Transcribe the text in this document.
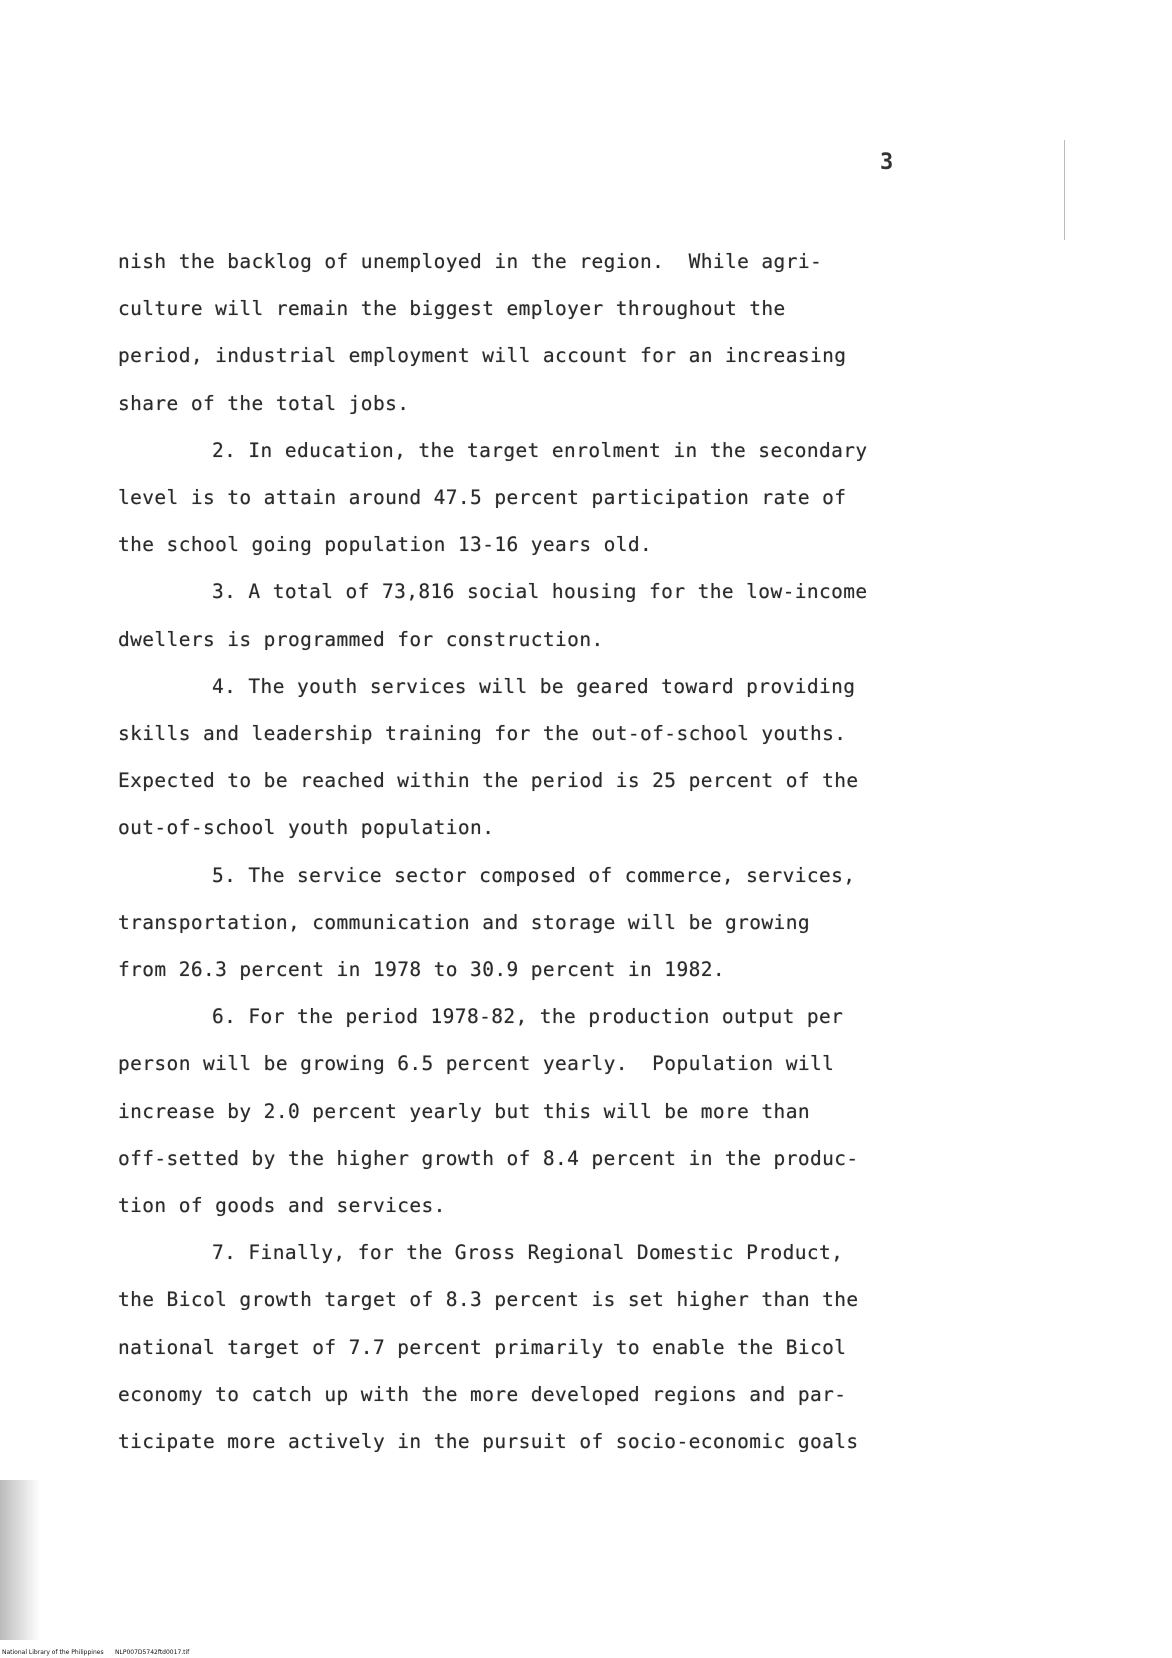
3
nish the backlog of unemployed in the region.  While agri-
culture will remain the biggest employer throughout the
period, industrial employment will account for an increasing
share of the total jobs.
2. In education, the target enrolment in the secondary
level is to attain around 47.5 percent participation rate of
the school going population 13-16 years old.
3. A total of 73,816 social housing for the low-income
dwellers is programmed for construction.
4. The youth services will be geared toward providing
skills and leadership training for the out-of-school youths.
Expected to be reached within the period is 25 percent of the
out-of-school youth population.
5. The service sector composed of commerce, services,
transportation, communication and storage will be growing
from 26.3 percent in 1978 to 30.9 percent in 1982.
6. For the period 1978-82, the production output per
person will be growing 6.5 percent yearly.  Population will
increase by 2.0 percent yearly but this will be more than
off-setted by the higher growth of 8.4 percent in the produc-
tion of goods and services.
7. Finally, for the Gross Regional Domestic Product,
the Bicol growth target of 8.3 percent is set higher than the
national target of 7.7 percent primarily to enable the Bicol
economy to catch up with the more developed regions and par-
ticipate more actively in the pursuit of socio-economic goals
National Library of the Philippines NLP007D5742ftd0017.tif
